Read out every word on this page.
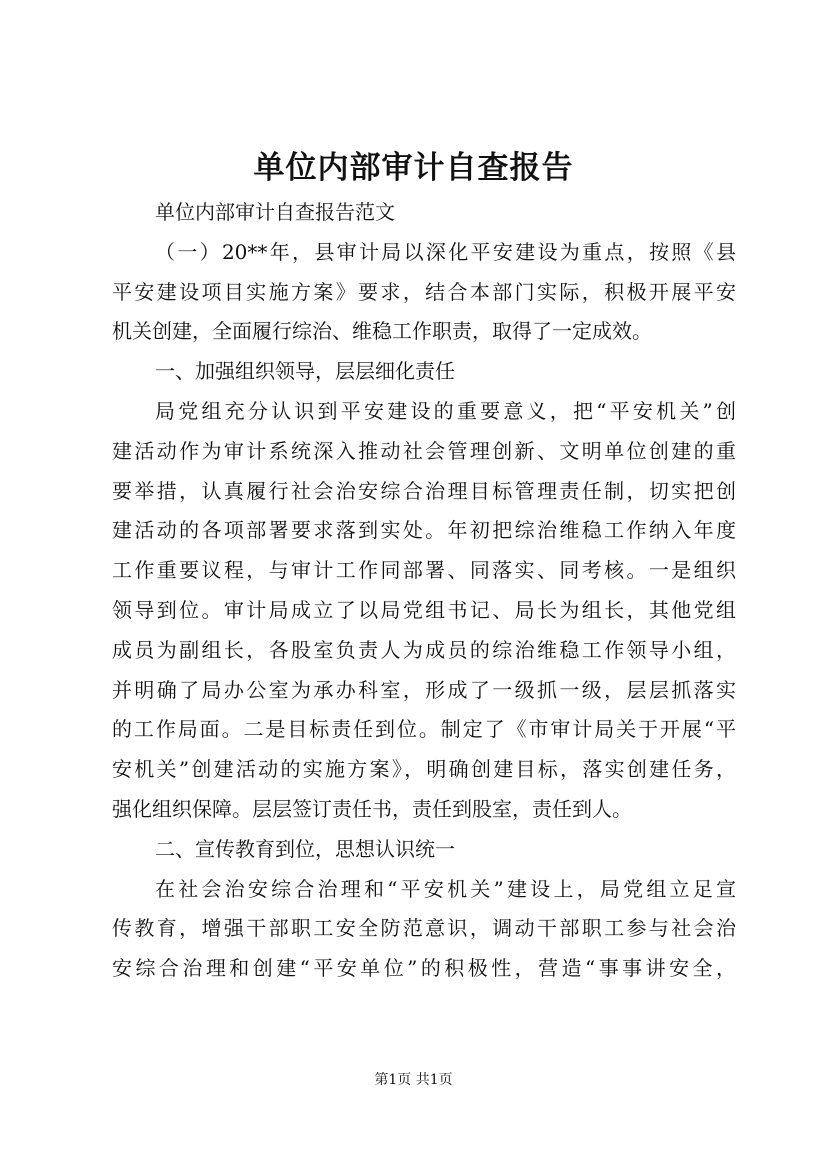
单位内部审计自查报告
单位内部审计自查报告范文
（一）20**年，县审计局以深化平安建设为重点，按照《县
平安建设项目实施方案》要求，结合本部门实际，积极开展平安
机关创建，全面履行综治、维稳工作职责，取得了一定成效。
一、加强组织领导，层层细化责任
局党组充分认识到平安建设的重要意义，把“平安机关”创
建活动作为审计系统深入推动社会管理创新、文明单位创建的重
要举措，认真履行社会治安综合治理目标管理责任制，切实把创
建活动的各项部署要求落到实处。年初把综治维稳工作纳入年度
工作重要议程，与审计工作同部署、同落实、同考核。一是组织
领导到位。审计局成立了以局党组书记、局长为组长，其他党组
成员为副组长，各股室负责人为成员的综治维稳工作领导小组，
并明确了局办公室为承办科室，形成了一级抓一级，层层抓落实
的工作局面。二是目标责任到位。制定了《市审计局关于开展“平
安机关”创建活动的实施方案》，明确创建目标，落实创建任务，
强化组织保障。层层签订责任书，责任到股室，责任到人。
二、宣传教育到位，思想认识统一
在社会治安综合治理和“平安机关”建设上，局党组立足宣
传教育，增强干部职工安全防范意识，调动干部职工参与社会治
安综合治理和创建“平安单位”的积极性，营造“事事讲安全，
第1页 共1页
